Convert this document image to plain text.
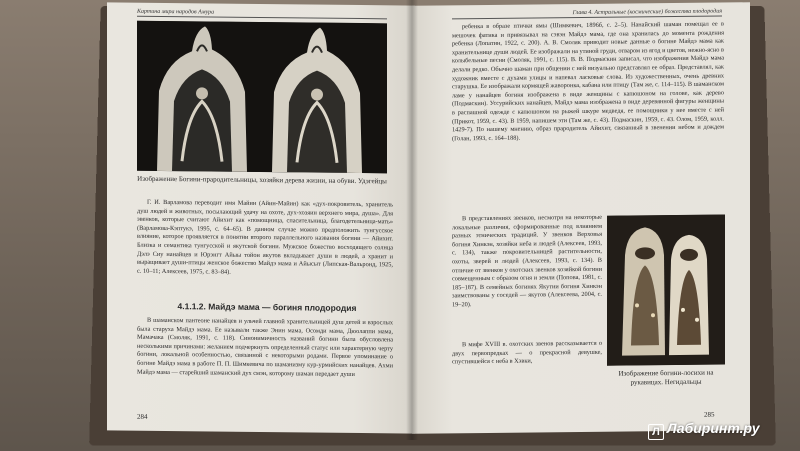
Картина мира народов Амура
Изображение Богини-прародительницы, хозяйки дерева жизни, на обуви. Удэгейцы

Г. И. Варламова переводит имя Майин (Айин-Майин) как «дух-покровитель, хранитель душ людей и животных, посылающий удачу на охоте, дух-хозяин верхнего мира, душа». Для эвенков, которые считают Айихит как «помощница, спасительница, благодетельница-мать» (Варламова-Кэптукэ, 1995, с. 64–65). В данном случае можно предположить тунгусское влияние, которое проявляется в понятии второго параллельного названия богини — Айихит. Близка и семантика тунгусской и якутской богини. Мужское божество восходящего солнца Дэлэ Сиу нанайцев и Юрэнгт Айыы тойон якутов вкладывает души в людей, а хранит и выращивает души-птицы женское божество Майдэ мама и Айысыт (Липская-Вальронд, 1925, с. 10–11; Алексеев, 1975, с. 83–84).

4.1.1.2. Майдэ мама — богиня плодородия

В шаманском пантеоне нанайцев и ульчей главной хранительницей душ детей и взрослых была старуха Майдэ мама. Ее называли также Энин мама, Осомди мама, Дюолаппи мама, Мамачака (Смоляк, 1991, с. 118). Синонимичность названий богини была обусловлена несколькими причинами: желанием подчеркнуть определенный статус или характерную черту богини, локальной особенностью, связанной с некоторыми родами. Первое упоминание о богине Майдэ мама в работе П. П. Шимкевича по шаманизму кур-урмийских нанайцев. Ахми Майдэ мама — старейший шаманский дух смэн, которому шаман передает души

284
Глава 4. Астральные (космические) божества плодородия

ребенка в образе птички ямы (Шимкевич, 1896б, с. 2–5). Нанайский шаман помещал ее в мешочек фатика и привязывал на сэвэн Майдэ мама, где она хранилась до момента рождения ребенка (Лопатин, 1922, с. 200). А. В. Смоляк приводит новые данные о богине Майдэ мама как хранительнице души людей. Ее изображали на утиной груди, отваром из ягод и цветов, нежно-ясно в колыбельные песни (Смоляк, 1991, с. 115). В. В. Подмаскин записал, что изображения Майдэ мама делали редко. Обычно шаман при общении с ней визуально представлял ее образ. Представлял, как художник вместе с духами улицы и напевал ласковые слова. Из художественных, очень древних старушка. Ее изображали кормящей жаворонка, кабана или птицу (Там же, с. 114–115). В шаманском ламе у нанайцев богиня изображена в виде женщины с капюшоном на голове, как дерево (Подмаскин). Уссурийских нанайцев, Майдэ мама изображена в виде деревянной фигуры женщины в распашной одежде с капюшоном на рыжей шкуре медведя, ее помощники у нее вместе с ней (Прикот, 1959, с. 43). В 1959, напишем эти (Там же, с. 43). Подмаскин, 1959, с. 43. Олом, 1959, колл. 1429-7). По нашему мнению, образ прародитель Айихит, связанный в звенении небом и дождем (Голан, 1993, с. 164–188).

В представлениях звенков, несмотря на некоторые локальные различия, сформированные под влиянием разных этнических традиций. У звенков Верховья богиня Хинкэн, хозяйки неба и людей (Алексеев, 1993, с. 134), также покровительницей растительности, охоты, зверей и людей (Алексеев, 1993, с. 134). В отличие от звенков у охотских звенков хозяйкой богини совмещенным с образом огня и земли (Попова, 1981, с. 185–187). В семейных богинях Якутии богиня Хинкэн заимствованы у соседей — якутов (Алексеева, 2004, с. 19–20).

В мифе XVIII в. охотских звенов рассказывается о двух первопредках — о прекрасной девушке, спустившейся с неба в Хэвки,

Изображение богини-лосихи на рукавицах. Негидальцы
285
Л Лабиринт.ру
